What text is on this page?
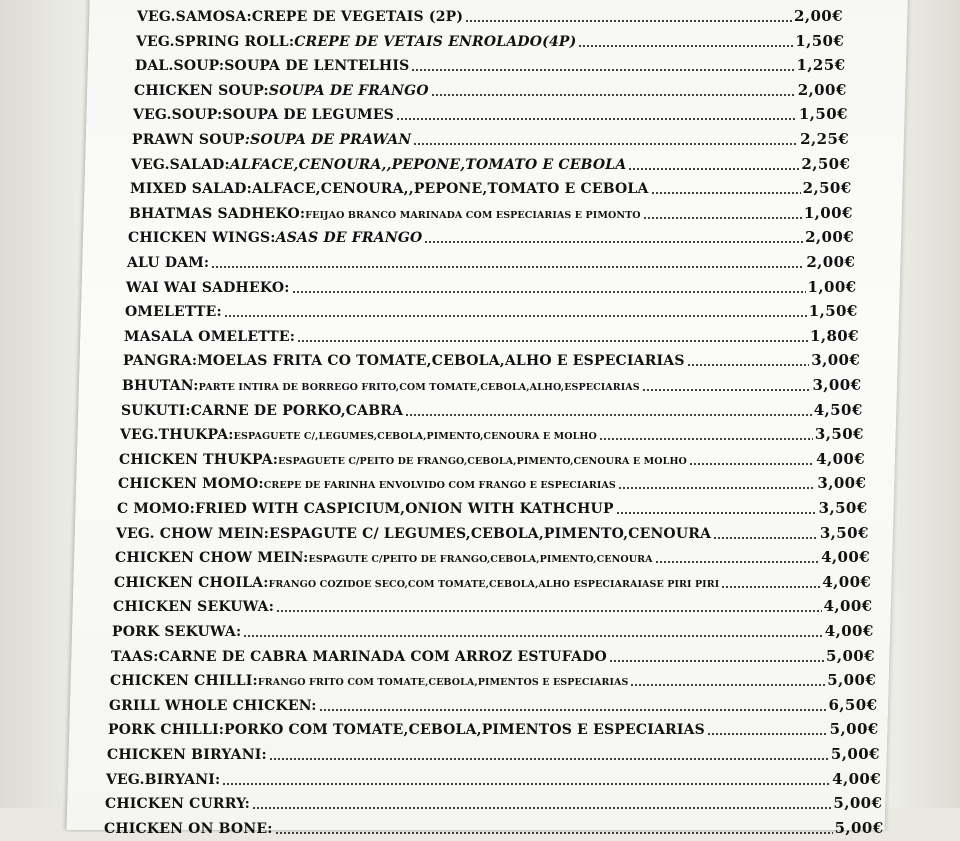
VEG.SAMOSA: CREPE DE VEGETAIS (2P)	2,00€
VEG.SPRING ROLL: CREPE DE VETAIS ENROLADO(4P)	1,50€
DAL.SOUP: SOUPA DE LENTELHIS	1,25€
CHICKEN SOUP: SOUPA DE FRANGO	2,00€
VEG.SOUP: SOUPA DE LEGUMES	1,50€
PRAWN SOUP :SOUPA DE PRAWAN	2,25€
VEG.SALAD: ALFACE,CENOURA,,PEPONE,TOMATO E CEBOLA	2,50€
MIXED SALAD: ALFACE,CENOURA,,PEPONE,TOMATO E CEBOLA	2,50€
BHATMAS SADHEKO: FEIJAO BRANCO MARINADA COM ESPECIARIAS E PIMONTO	1,00€
CHICKEN WINGS: ASAS DE FRANGO	2,00€
ALU DAM:	2,00€
WAI WAI SADHEKO:	1,00€
OMELETTE:	1,50€
MASALA OMELETTE:	1,80€
PANGRA: MOELAS FRITA CO TOMATE,CEBOLA,ALHO E ESPECIARIAS	3,00€
BHUTAN: PARTE INTIRA DE BORREGO FRITO,COM TOMATE,CEBOLA,ALHO,ESPECIARIAS	3,00€
SUKUTI: CARNE DE PORKO,CABRA	4,50€
VEG.THUKPA: ESPAGUETE C/,LEGUMES,CEBOLA,PIMENTO,CENOURA E MOLHO	3,50€
CHICKEN THUKPA: ESPAGUETE C/PEITO DE FRANGO,CEBOLA,PIMENTO,CENOURA E MOLHO	4,00€
CHICKEN MOMO: CREPE DE FARINHA ENVOLVIDO COM FRANGO E ESPECIARIAS	3,00€
C MOMO: FRIED WITH CASPICIUM,ONION WITH KATHCHUP	3,50€
VEG. CHOW MEIN: ESPAGUTE C/ LEGUMES,CEBOLA,PIMENTO,CENOURA	3,50€
CHICKEN CHOW MEIN: ESPAGUTE C/PEITO DE FRANGO,CEBOLA,PIMENTO,CENOURA	4,00€
CHICKEN CHOILA: FRANGO COZIDOE SECO,COM TOMATE,CEBOLA,ALHO ESPECIARAIASE PIRI PIRI	4,00€
CHICKEN SEKUWA:	4,00€
PORK SEKUWA:	4,00€
TAAS: CARNE DE CABRA MARINADA COM ARROZ ESTUFADO	5,00€
CHICKEN CHILLI: FRANGO FRITO COM TOMATE,CEBOLA,PIMENTOS E ESPECIARIAS	5,00€
GRILL WHOLE CHICKEN:	6,50€
PORK CHILLI: PORKO COM TOMATE,CEBOLA,PIMENTOS E ESPECIARIAS	5,00€
CHICKEN BIRYANI:	5,00€
VEG.BIRYANI:	4,00€
CHICKEN CURRY:	5,00€
CHICKEN ON BONE:	5,00€
